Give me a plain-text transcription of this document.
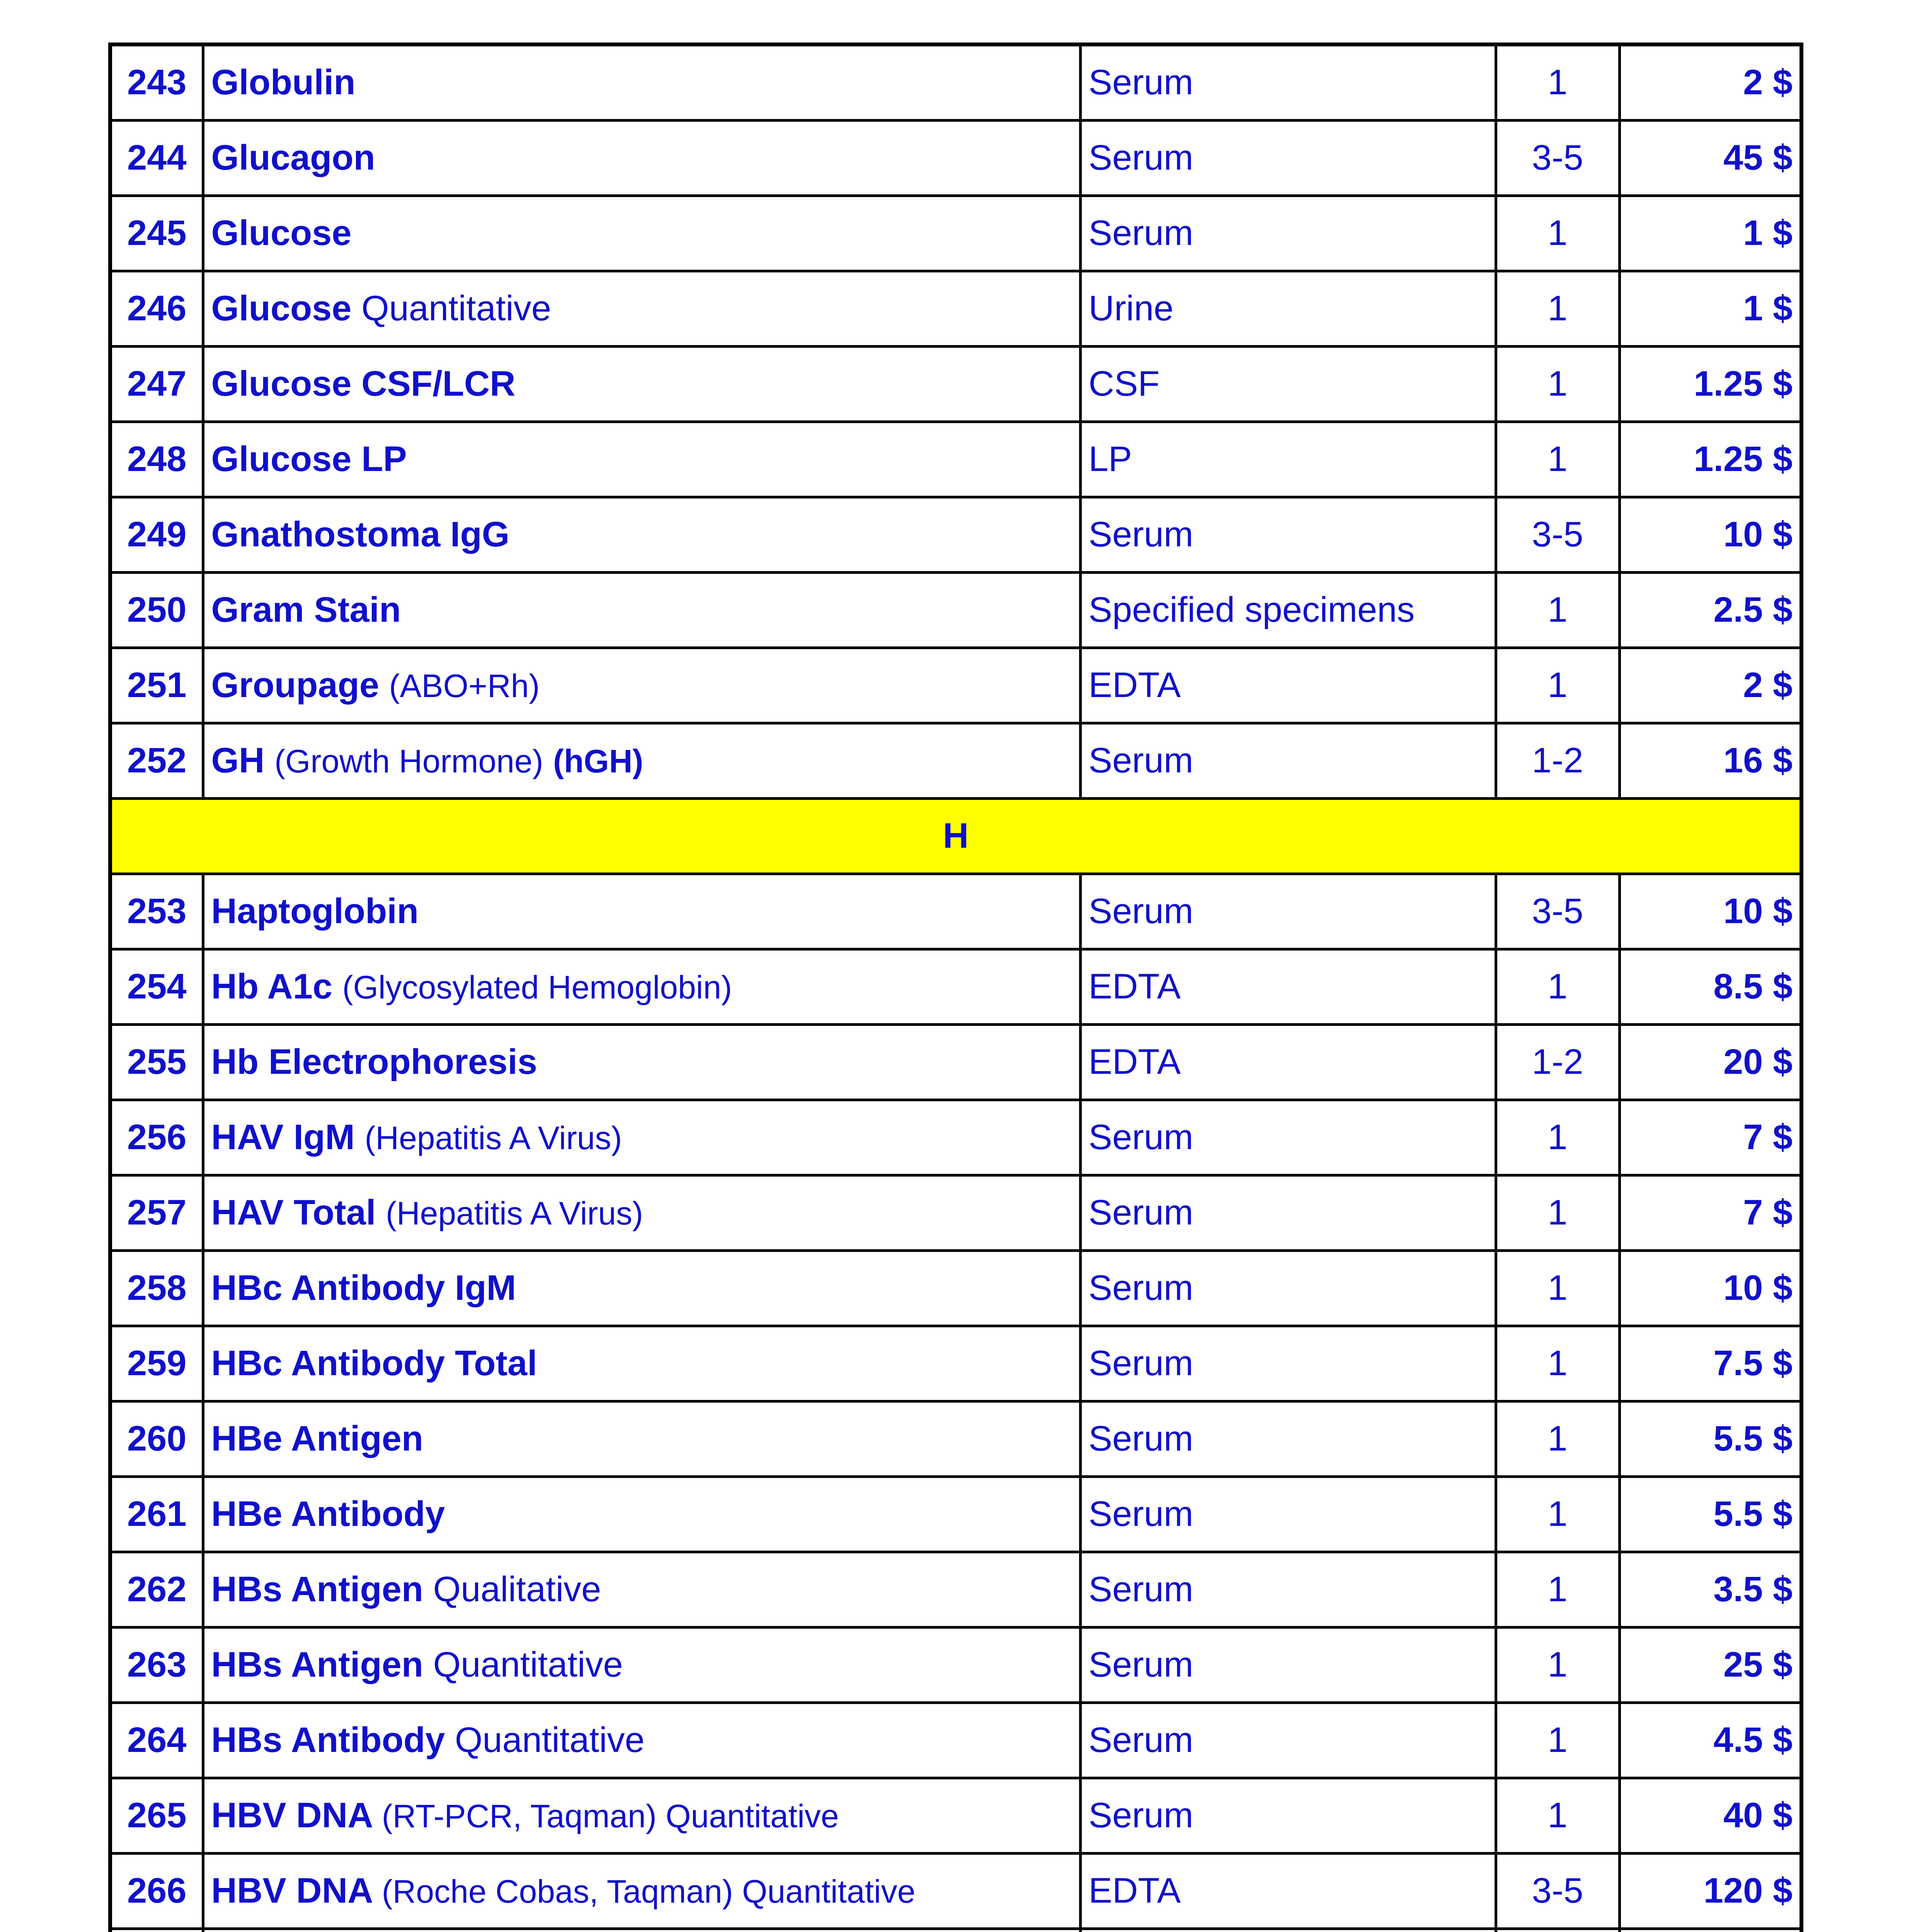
243	Globulin	Serum	1	2 $
244	Glucagon	Serum	3-5	45 $
245	Glucose	Serum	1	1 $
246	Glucose Quantitative	Urine	1	1 $
247	Glucose CSF/LCR	CSF	1	1.25 $
248	Glucose LP	LP	1	1.25 $
249	Gnathostoma IgG	Serum	3-5	10 $
250	Gram Stain	Specified specimens	1	2.5 $
251	Groupage (ABO+Rh)	EDTA	1	2 $
252	GH (Growth Hormone) (hGH)	Serum	1-2	16 $
H				
253	Haptoglobin	Serum	3-5	10 $
254	Hb A1c (Glycosylated Hemoglobin)	EDTA	1	8.5 $
255	Hb Electrophoresis	EDTA	1-2	20 $
256	HAV IgM (Hepatitis A Virus)	Serum	1	7 $
257	HAV Total (Hepatitis A Virus)	Serum	1	7 $
258	HBc Antibody IgM	Serum	1	10 $
259	HBc Antibody Total	Serum	1	7.5 $
260	HBe Antigen	Serum	1	5.5 $
261	HBe Antibody	Serum	1	5.5 $
262	HBs Antigen Qualitative	Serum	1	3.5 $
263	HBs Antigen Quantitative	Serum	1	25 $
264	HBs Antibody Quantitative	Serum	1	4.5 $
265	HBV DNA (RT-PCR, Taqman) Quantitative	Serum	1	40 $
266	HBV DNA (Roche Cobas, Taqman) Quantitative	EDTA	3-5	120 $
